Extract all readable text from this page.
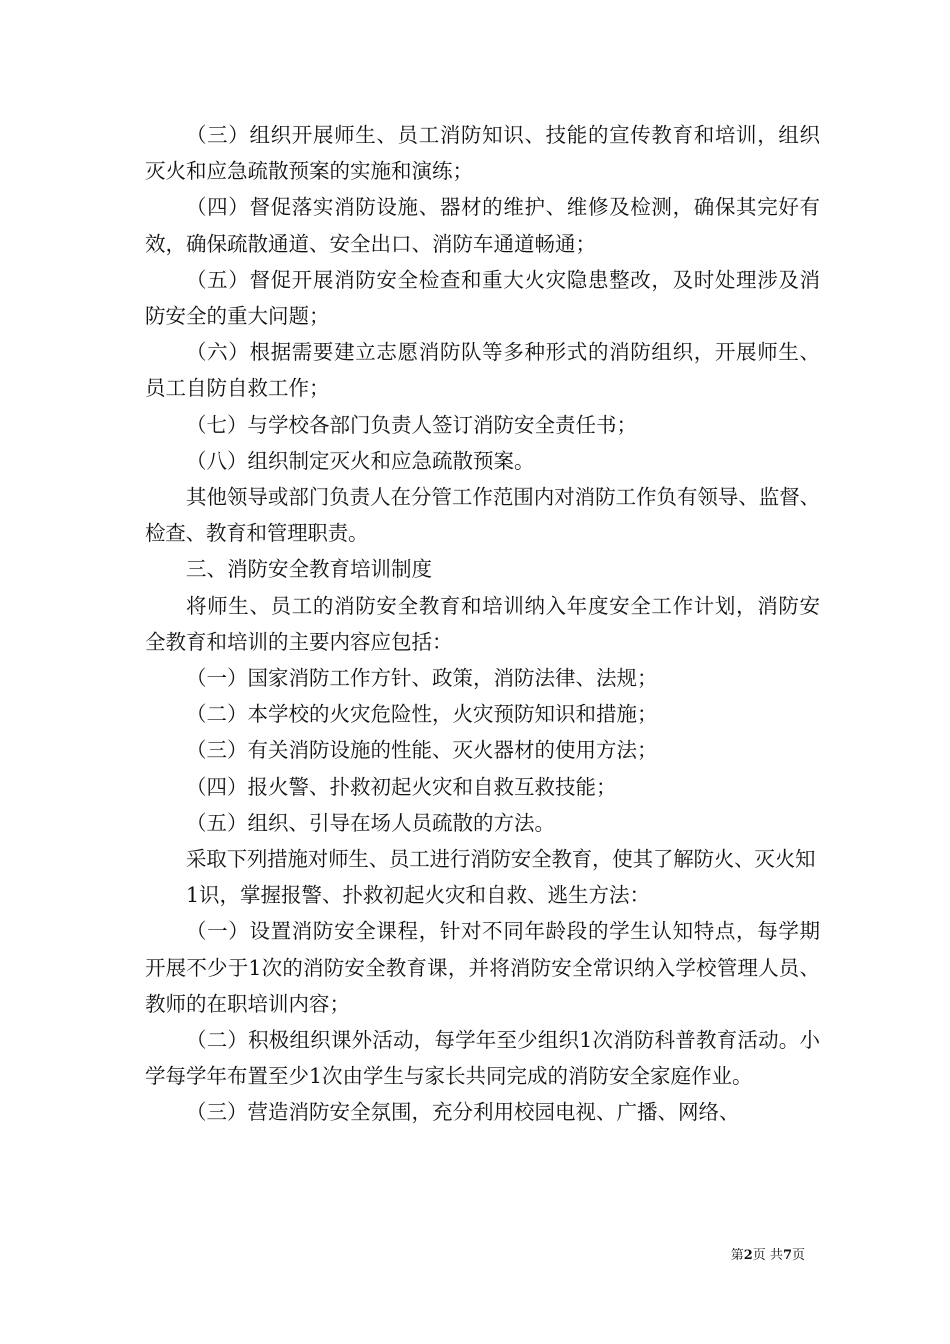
（三）组织开展师生、员工消防知识、技能的宣传教育和培训，组织灭火和应急疏散预案的实施和演练；

（四）督促落实消防设施、器材的维护、维修及检测，确保其完好有效，确保疏散通道、安全出口、消防车通道畅通；

（五）督促开展消防安全检查和重大火灾隐患整改，及时处理涉及消防安全的重大问题；

（六）根据需要建立志愿消防队等多种形式的消防组织，开展师生、员工自防自救工作；

（七）与学校各部门负责人签订消防安全责任书；

（八）组织制定灭火和应急疏散预案。

其他领导或部门负责人在分管工作范围内对消防工作负有领导、监督、检查、教育和管理职责。

三、消防安全教育培训制度

将师生、员工的消防安全教育和培训纳入年度安全工作计划，消防安全教育和培训的主要内容应包括：

（一）国家消防工作方针、政策，消防法律、法规；

（二）本学校的火灾危险性，火灾预防知识和措施；

（三）有关消防设施的性能、灭火器材的使用方法；

（四）报火警、扑救初起火灾和自救互救技能；

（五）组织、引导在场人员疏散的方法。

采取下列措施对师生、员工进行消防安全教育，使其了解防火、灭火知

1识，掌握报警、扑救初起火灾和自救、逃生方法：

（一）设置消防安全课程，针对不同年龄段的学生认知特点，每学期开展不少于1次的消防安全教育课，并将消防安全常识纳入学校管理人员、教师的在职培训内容；

（二）积极组织课外活动，每学年至少组织1次消防科普教育活动。小学每学年布置至少1次由学生与家长共同完成的消防安全家庭作业。

（三）营造消防安全氛围，充分利用校园电视、广播、网络、

第2页 共7页
